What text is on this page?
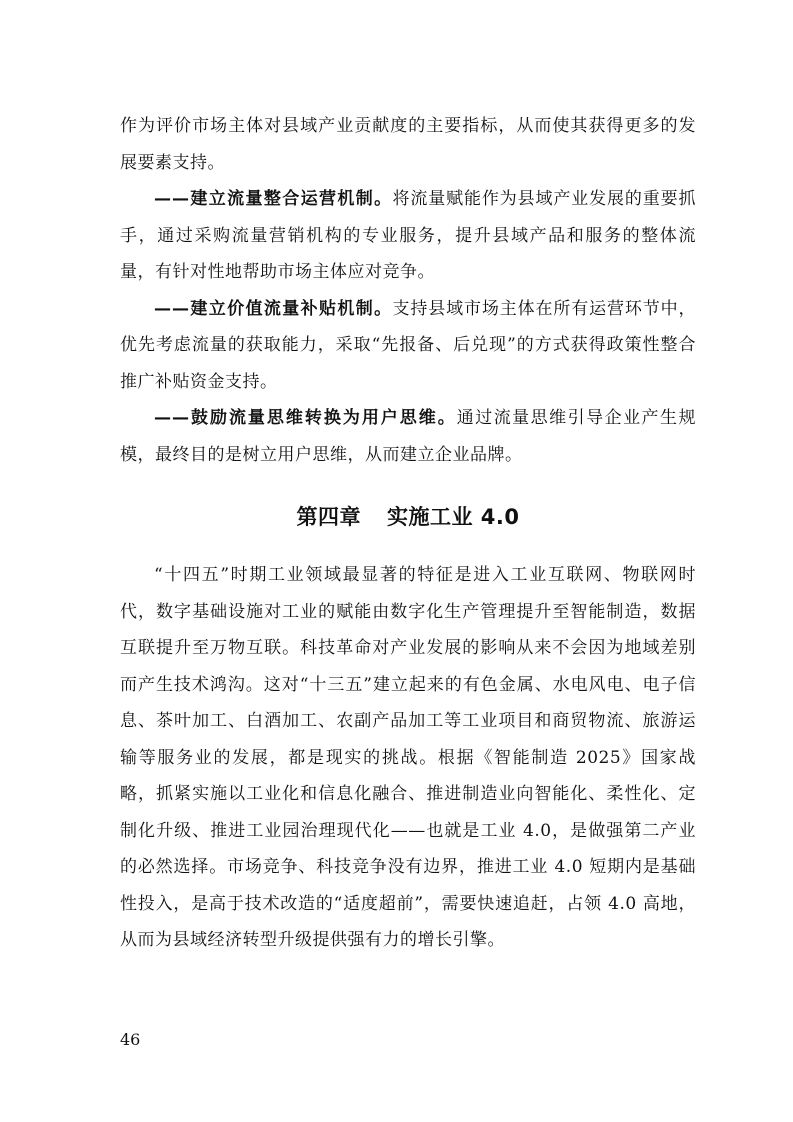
作为评价市场主体对县域产业贡献度的主要指标，从而使其获得更多的发展要素支持。

——建立流量整合运营机制。将流量赋能作为县域产业发展的重要抓手，通过采购流量营销机构的专业服务，提升县域产品和服务的整体流量，有针对性地帮助市场主体应对竞争。

——建立价值流量补贴机制。支持县域市场主体在所有运营环节中，优先考虑流量的获取能力，采取“先报备、后兑现”的方式获得政策性整合推广补贴资金支持。

——鼓励流量思维转换为用户思维。通过流量思维引导企业产生规模，最终目的是树立用户思维，从而建立企业品牌。

第四章 实施工业 4.0

“十四五”时期工业领域最显著的特征是进入工业互联网、物联网时代，数字基础设施对工业的赋能由数字化生产管理提升至智能制造，数据互联提升至万物互联。科技革命对产业发展的影响从来不会因为地域差别而产生技术鸿沟。这对“十三五”建立起来的有色金属、水电风电、电子信息、茶叶加工、白酒加工、农副产品加工等工业项目和商贸物流、旅游运输等服务业的发展，都是现实的挑战。根据《智能制造 2025》国家战略，抓紧实施以工业化和信息化融合、推进制造业向智能化、柔性化、定制化升级、推进工业园治理现代化——也就是工业 4.0，是做强第二产业的必然选择。市场竞争、科技竞争没有边界，推进工业 4.0 短期内是基础性投入，是高于技术改造的“适度超前”，需要快速追赶，占领 4.0 高地，从而为县域经济转型升级提供强有力的增长引擎。

46
